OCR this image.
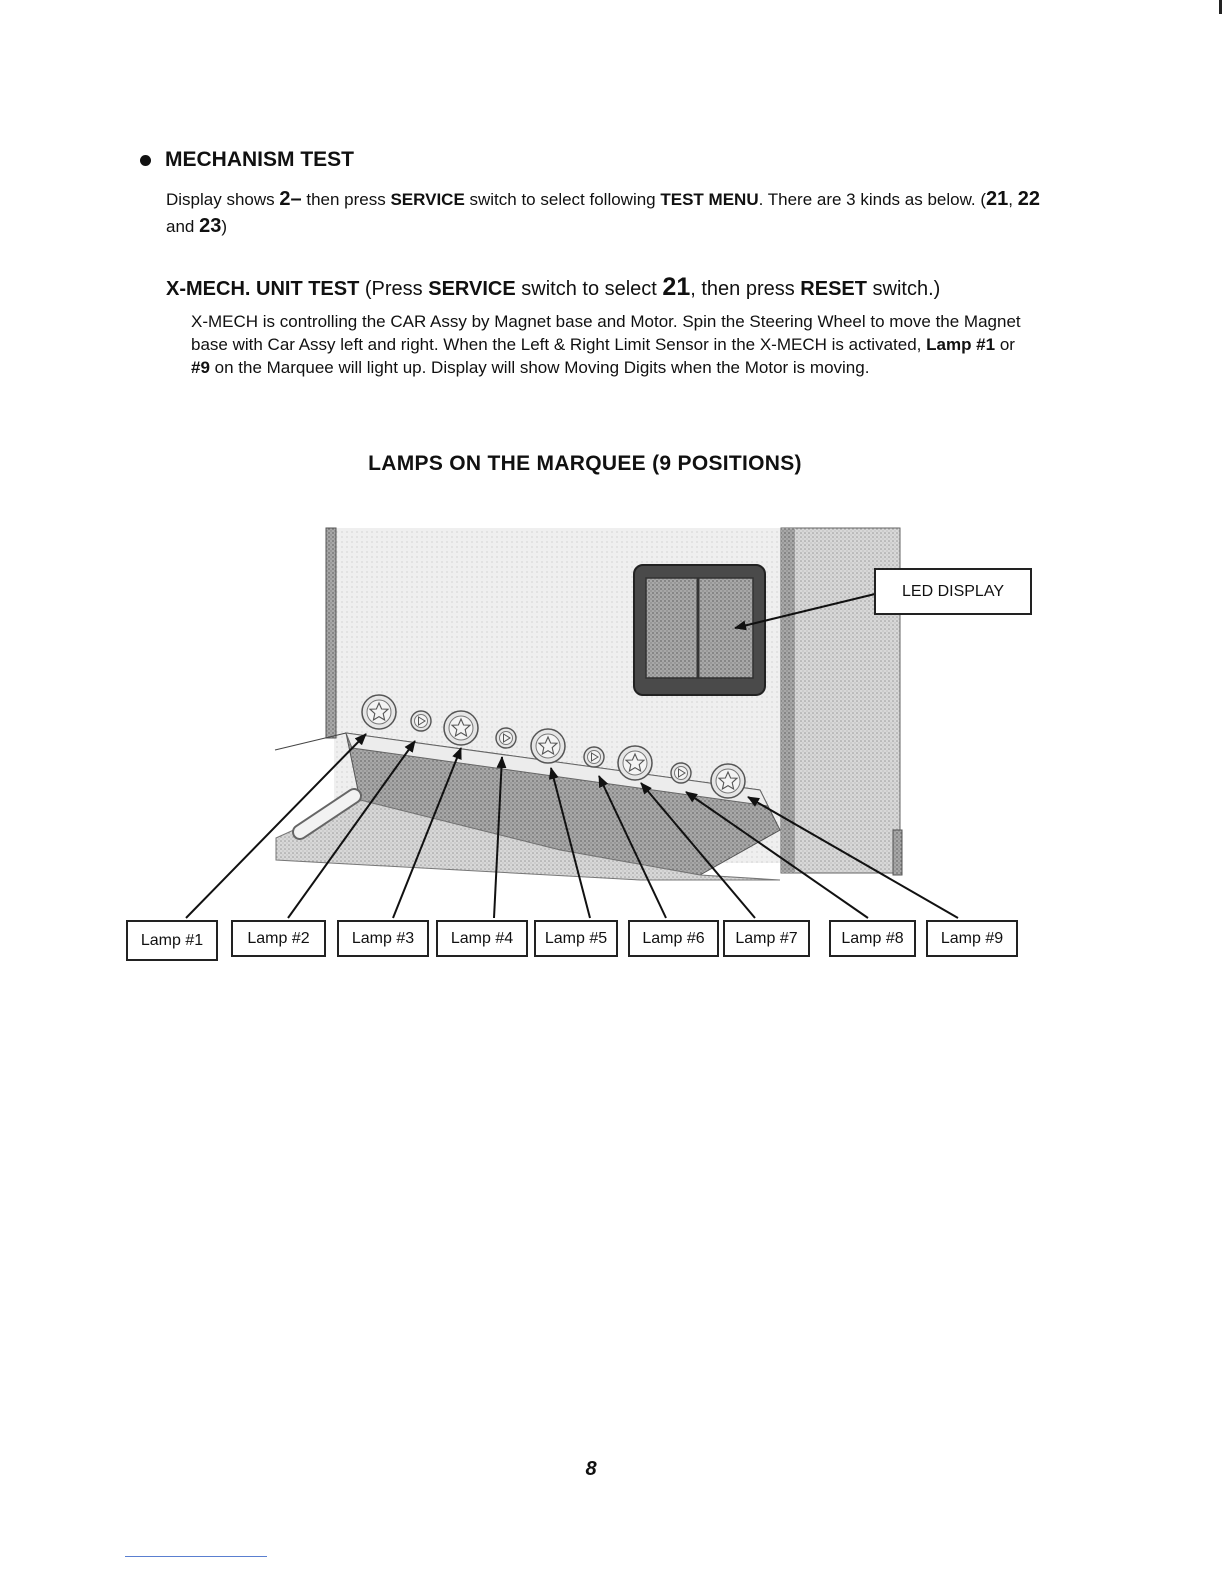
MECHANISM TEST
Display shows 2– then press SERVICE switch to select following TEST MENU. There are 3 kinds as below. (21, 22 and 23)
X-MECH. UNIT TEST (Press SERVICE switch to select 21, then press RESET switch.)
X-MECH is controlling the CAR Assy by Magnet base and Motor. Spin the Steering Wheel to move the Magnet base with Car Assy left and right. When the Left & Right Limit Sensor in the X-MECH is activated, Lamp #1 or #9 on the Marquee will light up. Display will show Moving Digits when the Motor is moving.
LAMPS ON THE MARQUEE (9 POSITIONS)
LED DISPLAY
Lamp #1	Lamp #2	Lamp #3	Lamp #4	Lamp #5	Lamp #6	Lamp #7	Lamp #8	Lamp #9
8
